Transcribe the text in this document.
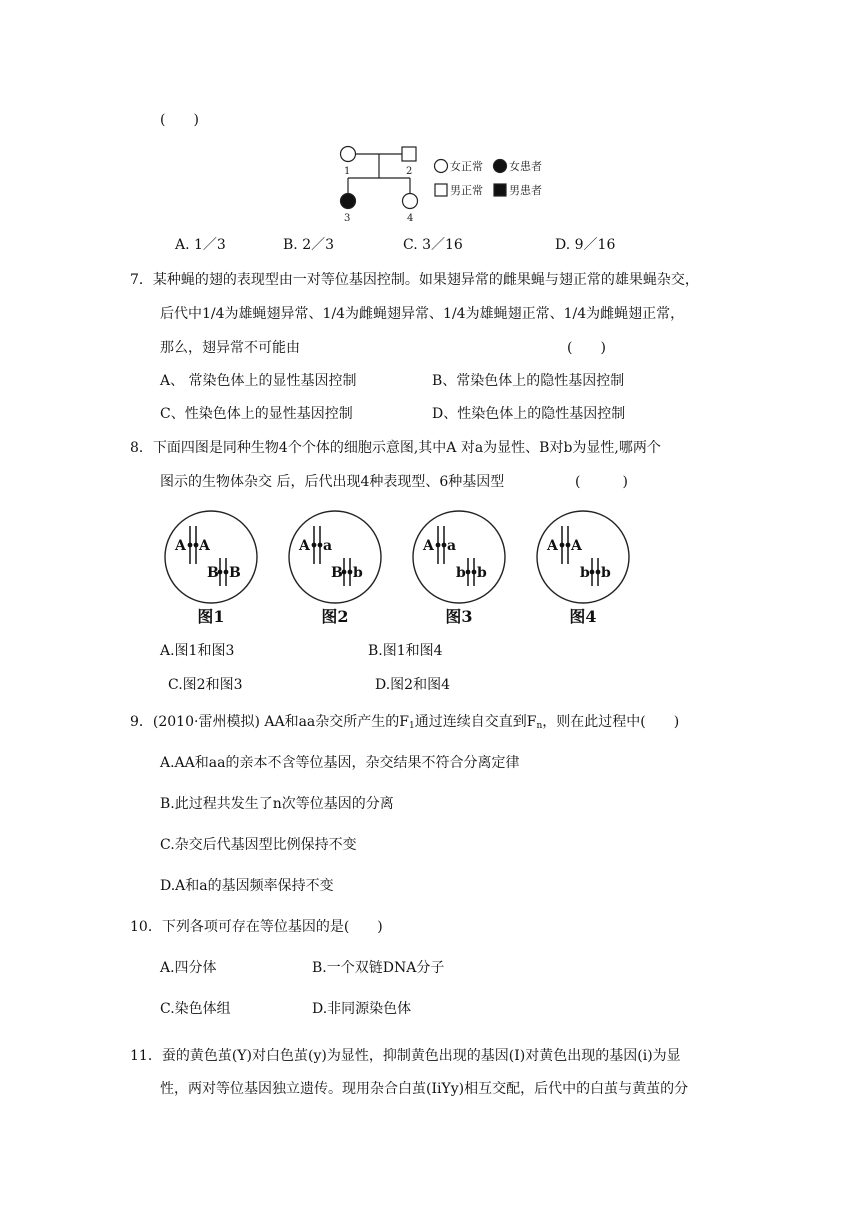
(　　)
1	2
3	4
女正常 女患者
男正常 男患者
A. 1／3	B. 2／3	C. 3／16	D. 9／16
7．某种蝇的翅的表现型由一对等位基因控制。如果翅异常的雌果蝇与翅正常的雄果蝇杂交，
后代中1/4为雄蝇翅异常、1/4为雌蝇翅异常、1/4为雄蝇翅正常、1/4为雌蝇翅正常，
那么，翅异常不可能由	(　　)
A、 常染色体上的显性基因控制	B、常染色体上的隐性基因控制
C、性染色体上的显性基因控制	D、性染色体上的隐性基因控制
8．下面四图是同种生物4个个体的细胞示意图,其中A 对a为显性、B对b为显性,哪两个
图示的生物体杂交 后，后代出现4种表现型、6种基因型	(　　　)
A A
B B
A a
B b
A a
b b
A A
b b
图1	图2	图3	图4
A.图1和图3	B.图1和图4
C.图2和图3	D.图2和图4
9．(2010·雷州模拟) AA和aa杂交所产生的$F_1$通过连续自交直到$F_n$，则在此过程中(　　)
A.AA和aa的亲本不含等位基因，杂交结果不符合分离定律
B.此过程共发生了n次等位基因的分离
C.杂交后代基因型比例保持不变
D.A和a的基因频率保持不变
10．下列各项可存在等位基因的是(　　)
A.四分体	B.一个双链DNA分子
C.染色体组	D.非同源染色体
11．蚕的黄色茧(Y)对白色茧(y)为显性，抑制黄色出现的基因(I)对黄色出现的基因(i)为显
性，两对等位基因独立遗传。现用杂合白茧(IiYy)相互交配，后代中的白茧与黄茧的分
